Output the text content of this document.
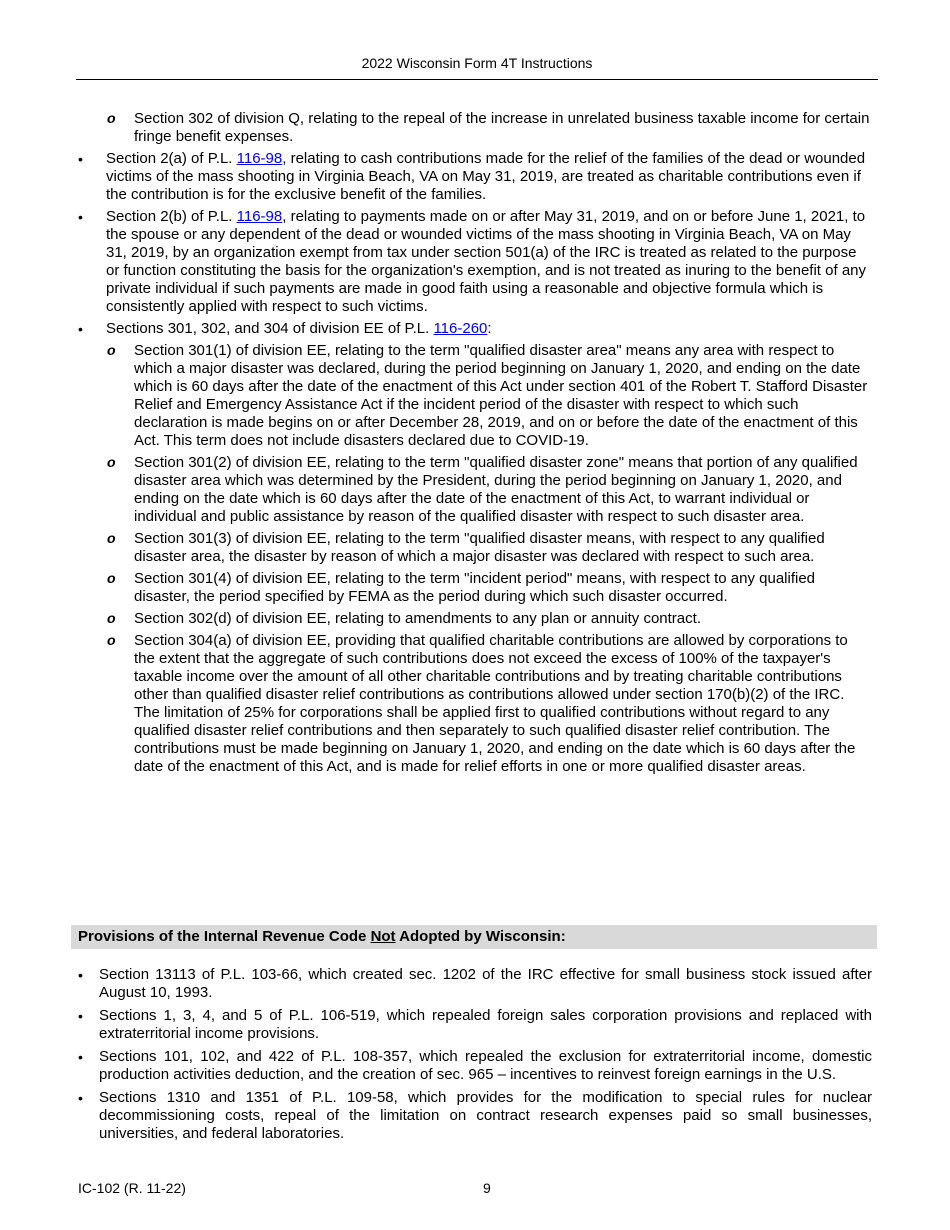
2022 Wisconsin Form 4T Instructions
o Section 302 of division Q, relating to the repeal of the increase in unrelated business taxable income for certain fringe benefit expenses.
• Section 2(a) of P.L. 116-98, relating to cash contributions made for the relief of the families of the dead or wounded victims of the mass shooting in Virginia Beach, VA on May 31, 2019, are treated as charitable contributions even if the contribution is for the exclusive benefit of the families.
• Section 2(b) of P.L. 116-98, relating to payments made on or after May 31, 2019, and on or before June 1, 2021, to the spouse or any dependent of the dead or wounded victims of the mass shooting in Virginia Beach, VA on May 31, 2019, by an organization exempt from tax under section 501(a) of the IRC is treated as related to the purpose or function constituting the basis for the organization's exemption, and is not treated as inuring to the benefit of any private individual if such payments are made in good faith using a reasonable and objective formula which is consistently applied with respect to such victims.
• Sections 301, 302, and 304 of division EE of P.L. 116-260:
o Section 301(1) of division EE, relating to the term "qualified disaster area" means any area with respect to which a major disaster was declared, during the period beginning on January 1, 2020, and ending on the date which is 60 days after the date of the enactment of this Act under section 401 of the Robert T. Stafford Disaster Relief and Emergency Assistance Act if the incident period of the disaster with respect to which such declaration is made begins on or after December 28, 2019, and on or before the date of the enactment of this Act. This term does not include disasters declared due to COVID-19.
o Section 301(2) of division EE, relating to the term "qualified disaster zone" means that portion of any qualified disaster area which was determined by the President, during the period beginning on January 1, 2020, and ending on the date which is 60 days after the date of the enactment of this Act, to warrant individual or individual and public assistance by reason of the qualified disaster with respect to such disaster area.
o Section 301(3) of division EE, relating to the term "qualified disaster means, with respect to any qualified disaster area, the disaster by reason of which a major disaster was declared with respect to such area.
o Section 301(4) of division EE, relating to the term "incident period" means, with respect to any qualified disaster, the period specified by FEMA as the period during which such disaster occurred.
o Section 302(d) of division EE, relating to amendments to any plan or annuity contract.
o Section 304(a) of division EE, providing that qualified charitable contributions are allowed by corporations to the extent that the aggregate of such contributions does not exceed the excess of 100% of the taxpayer's taxable income over the amount of all other charitable contributions and by treating charitable contributions other than qualified disaster relief contributions as contributions allowed under section 170(b)(2) of the IRC. The limitation of 25% for corporations shall be applied first to qualified contributions without regard to any qualified disaster relief contributions and then separately to such qualified disaster relief contribution. The contributions must be made beginning on January 1, 2020, and ending on the date which is 60 days after the date of the enactment of this Act, and is made for relief efforts in one or more qualified disaster areas.
Provisions of the Internal Revenue Code Not Adopted by Wisconsin:
• Section 13113 of P.L. 103-66, which created sec. 1202 of the IRC effective for small business stock issued after August 10, 1993.
• Sections 1, 3, 4, and 5 of P.L. 106-519, which repealed foreign sales corporation provisions and replaced with extraterritorial income provisions.
• Sections 101, 102, and 422 of P.L. 108-357, which repealed the exclusion for extraterritorial income, domestic production activities deduction, and the creation of sec. 965 – incentives to reinvest foreign earnings in the U.S.
• Sections 1310 and 1351 of P.L. 109-58, which provides for the modification to special rules for nuclear decommissioning costs, repeal of the limitation on contract research expenses paid so small businesses, universities, and federal laboratories.
IC-102 (R. 11-22)	9
